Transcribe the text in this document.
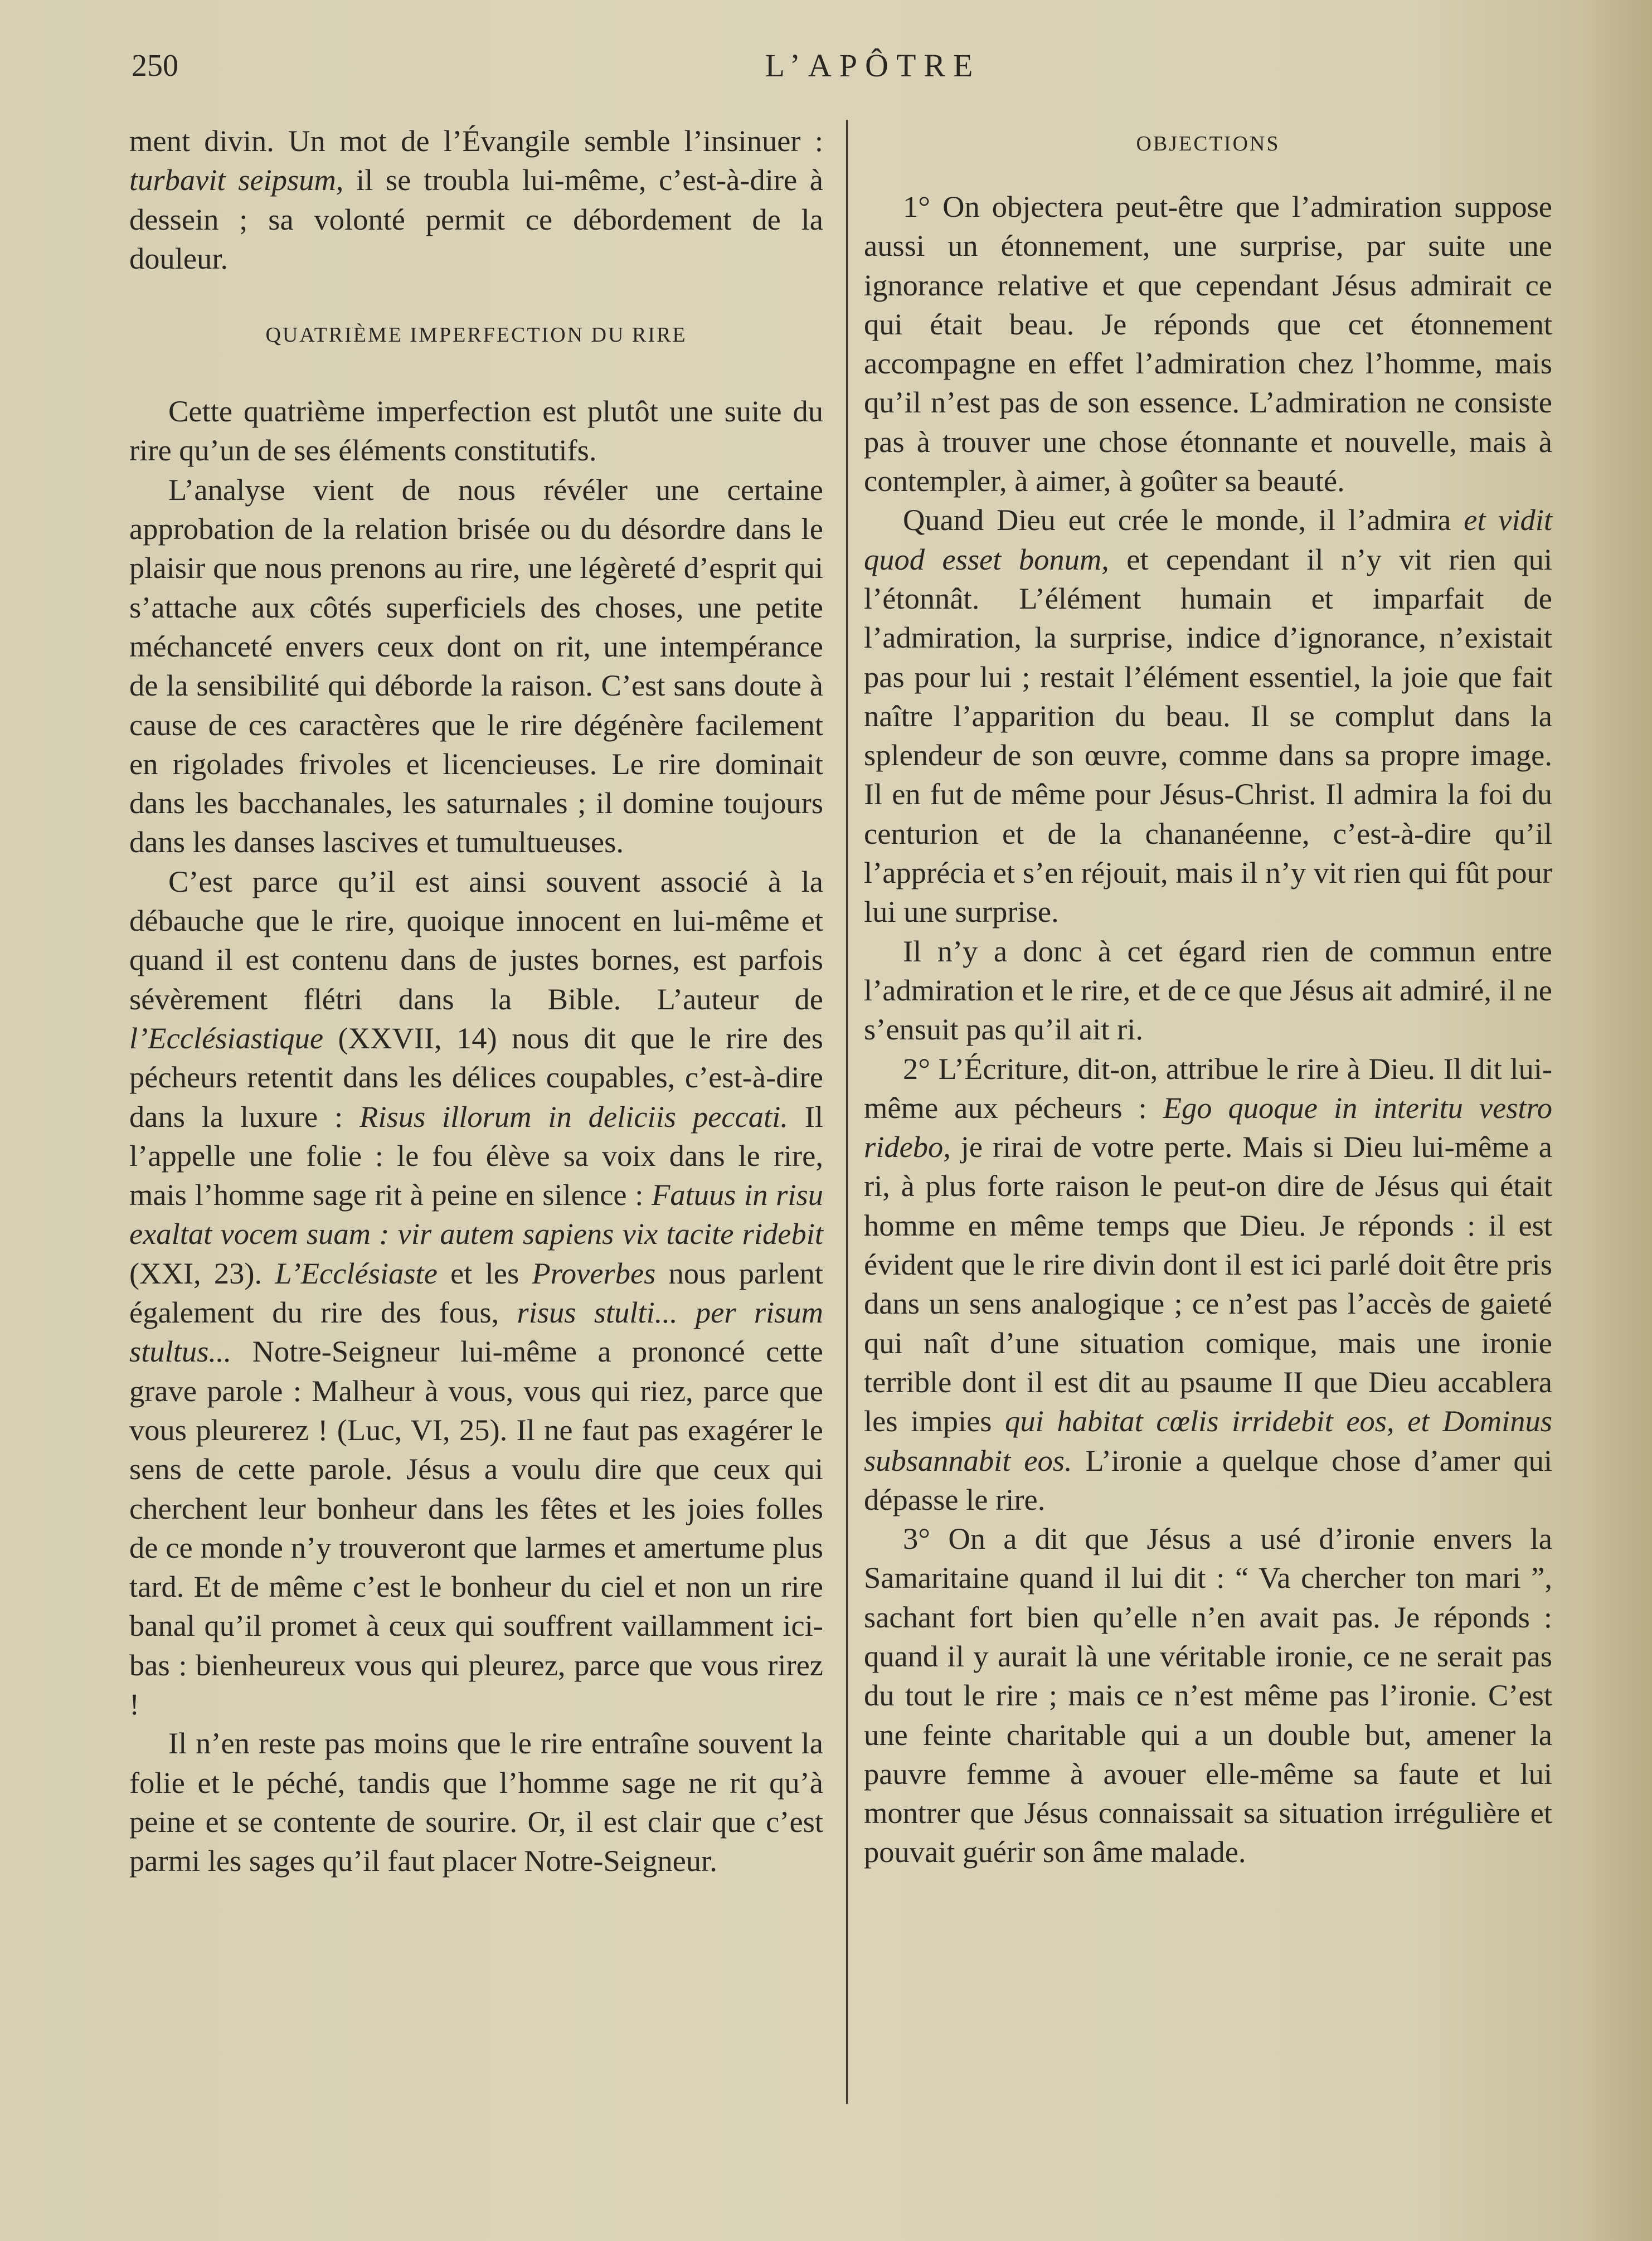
250	L’APÔTRE

ment divin. Un mot de l’Évangile semble l’insinuer : turbavit seipsum, il se troubla lui-même, c’est-à-dire à dessein ; sa volonté permit ce débordement de la douleur.

QUATRIÈME IMPERFECTION DU RIRE

Cette quatrième imperfection est plutôt une suite du rire qu’un de ses éléments constitutifs.

L’analyse vient de nous révéler une certaine approbation de la relation brisée ou du désordre dans le plaisir que nous prenons au rire, une légèreté d’esprit qui s’attache aux côtés superficiels des choses, une petite méchanceté envers ceux dont on rit, une intempérance de la sensibilité qui déborde la raison. C’est sans doute à cause de ces caractères que le rire dégénère facilement en rigolades frivoles et licencieuses. Le rire dominait dans les bacchanales, les saturnales ; il domine toujours dans les danses lascives et tumultueuses.

C’est parce qu’il est ainsi souvent associé à la débauche que le rire, quoique innocent en lui-même et quand il est contenu dans de justes bornes, est parfois sévèrement flétri dans la Bible. L’auteur de l’Ecclésiastique (XXVII, 14) nous dit que le rire des pécheurs retentit dans les délices coupables, c’est-à-dire dans la luxure : Risus illorum in deliciis peccati. Il l’appelle une folie : le fou élève sa voix dans le rire, mais l’homme sage rit à peine en silence : Fatuus in risu exaltat vocem suam : vir autem sapiens vix tacite ridebit (XXI, 23). L’Ecclésiaste et les Proverbes nous parlent également du rire des fous, risus stulti... per risum stultus... Notre-Seigneur lui-même a prononcé cette grave parole : Malheur à vous, vous qui riez, parce que vous pleurerez ! (Luc, VI, 25). Il ne faut pas exagérer le sens de cette parole. Jésus a voulu dire que ceux qui cherchent leur bonheur dans les fêtes et les joies folles de ce monde n’y trouveront que larmes et amertume plus tard. Et de même c’est le bonheur du ciel et non un rire banal qu’il promet à ceux qui souffrent vaillamment ici-bas : bienheureux vous qui pleurez, parce que vous rirez !

Il n’en reste pas moins que le rire entraîne souvent la folie et le péché, tandis que l’homme sage ne rit qu’à peine et se contente de sourire. Or, il est clair que c’est parmi les sages qu’il faut placer Notre-Seigneur.

OBJECTIONS

1° On objectera peut-être que l’admiration suppose aussi un étonnement, une surprise, par suite une ignorance relative et que cependant Jésus admirait ce qui était beau. Je réponds que cet étonnement accompagne en effet l’admiration chez l’homme, mais qu’il n’est pas de son essence. L’admiration ne consiste pas à trouver une chose étonnante et nouvelle, mais à contempler, à aimer, à goûter sa beauté.

Quand Dieu eut crée le monde, il l’admira et vidit quod esset bonum, et cependant il n’y vit rien qui l’étonnât. L’élément humain et imparfait de l’admiration, la surprise, indice d’ignorance, n’existait pas pour lui ; restait l’élément essentiel, la joie que fait naître l’apparition du beau. Il se complut dans la splendeur de son œuvre, comme dans sa propre image. Il en fut de même pour Jésus-Christ. Il admira la foi du centurion et de la chananéenne, c’est-à-dire qu’il l’apprécia et s’en réjouit, mais il n’y vit rien qui fût pour lui une surprise.

Il n’y a donc à cet égard rien de commun entre l’admiration et le rire, et de ce que Jésus ait admiré, il ne s’ensuit pas qu’il ait ri.

2° L’Écriture, dit-on, attribue le rire à Dieu. Il dit lui-même aux pécheurs : Ego quoque in interitu vestro ridebo, je rirai de votre perte. Mais si Dieu lui-même a ri, à plus forte raison le peut-on dire de Jésus qui était homme en même temps que Dieu. Je réponds : il est évident que le rire divin dont il est ici parlé doit être pris dans un sens analogique ; ce n’est pas l’accès de gaieté qui naît d’une situation comique, mais une ironie terrible dont il est dit au psaume II que Dieu accablera les impies qui habitat cœlis irridebit eos, et Dominus subsannabit eos. L’ironie a quelque chose d’amer qui dépasse le rire.

3° On a dit que Jésus a usé d’ironie envers la Samaritaine quand il lui dit : “ Va chercher ton mari ”, sachant fort bien qu’elle n’en avait pas. Je réponds : quand il y aurait là une véritable ironie, ce ne serait pas du tout le rire ; mais ce n’est même pas l’ironie. C’est une feinte charitable qui a un double but, amener la pauvre femme à avouer elle-même sa faute et lui montrer que Jésus connaissait sa situation irrégulière et pouvait guérir son âme malade.
